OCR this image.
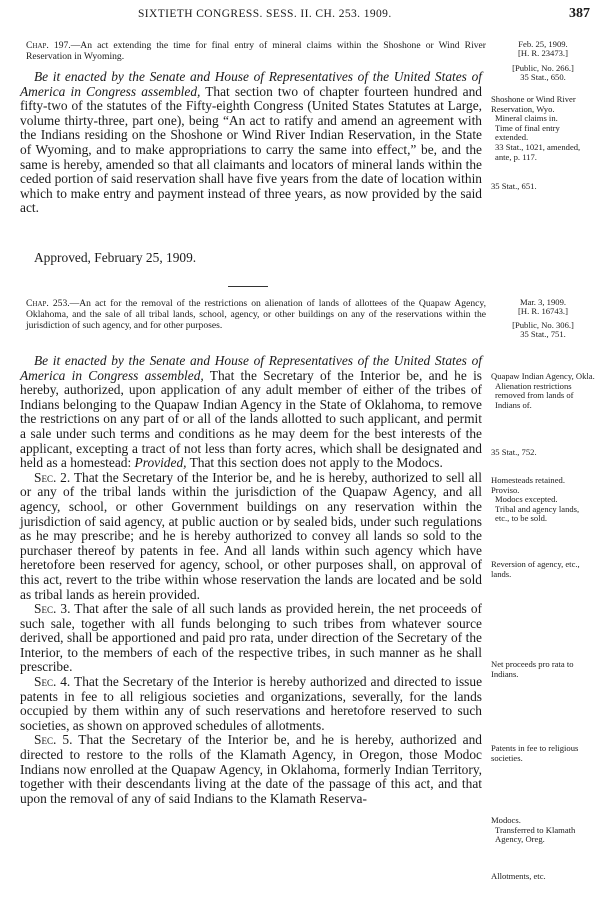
SIXTIETH CONGRESS. SESS. II. CH. 253. 1909.	387
Chap. 197.—An act extending the time for final entry of mineral claims within the Shoshone or Wind River Reservation in Wyoming.
Feb. 25, 1909.
[H. R. 23473.]
[Public, No. 266.]
35 Stat., 650.

Be it enacted by the Senate and House of Representatives of the United States of America in Congress assembled, That section two of chapter fourteen hundred and fifty-two of the statutes of the Fifty-eighth Congress (United States Statutes at Large, volume thirty-three, part one), being “An act to ratify and amend an agreement with the Indians residing on the Shoshone or Wind River Indian Reservation, in the State of Wyoming, and to make appropriations to carry the same into effect,” be, and the same is hereby, amended so that all claimants and locators of mineral lands within the ceded portion of said reservation shall have five years from the date of location within which to make entry and payment instead of three years, as now provided by the said act.

Shoshone or Wind River Reservation, Wyo.
Mineral claims in.
Time of final entry extended.
33 Stat., 1021, amended, ante, p. 117.
35 Stat., 651.
Approved, February 25, 1909.
Chap. 253.—An act for the removal of the restrictions on alienation of lands of allottees of the Quapaw Agency, Oklahoma, and the sale of all tribal lands, school, agency, or other buildings on any of the reservations within the jurisdiction of such agency, and for other purposes.
Mar. 3, 1909.
[H. R. 16743.]
[Public, No. 306.]
35 Stat., 751.

Be it enacted by the Senate and House of Representatives of the United States of America in Congress assembled, That the Secretary of the Interior be, and he is hereby, authorized, upon application of any adult member of either of the tribes of Indians belonging to the Quapaw Indian Agency in the State of Oklahoma, to remove the restrictions on any part of or all of the lands allotted to such applicant, and permit a sale under such terms and conditions as he may deem for the best interests of the applicant, excepting a tract of not less than forty acres, which shall be designated and held as a homestead: Provided, That this section does not apply to the Modocs.

Sec. 2. That the Secretary of the Interior be, and he is hereby, authorized to sell all or any of the tribal lands within the jurisdiction of the Quapaw Agency, and all agency, school, or other Government buildings on any reservation within the jurisdiction of said agency, at public auction or by sealed bids, under such regulations as he may prescribe; and he is hereby authorized to convey all lands so sold to the purchaser thereof by patents in fee. And all lands within such agency which have heretofore been reserved for agency, school, or other purposes shall, on approval of this act, revert to the tribe within whose reservation the lands are located and be sold as tribal lands as herein provided.

Sec. 3. That after the sale of all such lands as provided herein, the net proceeds of such sale, together with all funds belonging to such tribes from whatever source derived, shall be apportioned and paid pro rata, under direction of the Secretary of the Interior, to the members of each of the respective tribes, in such manner as he shall prescribe.

Sec. 4. That the Secretary of the Interior is hereby authorized and directed to issue patents in fee to all religious societies and organizations, severally, for the lands occupied by them within any of such reservations and heretofore reserved to such societies, as shown on approved schedules of allotments.

Sec. 5. That the Secretary of the Interior be, and he is hereby, authorized and directed to restore to the rolls of the Klamath Agency, in Oregon, those Modoc Indians now enrolled at the Quapaw Agency, in Oklahoma, formerly Indian Territory, together with their descendants living at the date of the passage of this act, and that upon the removal of any of said Indians to the Klamath Reserva-

Quapaw Indian Agency, Okla.
Alienation restrictions removed from lands of Indians of.
35 Stat., 752.
Homesteads retained.
Proviso.
Modocs excepted.
Tribal and agency lands, etc., to be sold.
Reversion of agency, etc., lands.
Net proceeds pro rata to Indians.
Patents in fee to religious societies.
Modocs.
Transferred to Klamath Agency, Oreg.
Allotments, etc.
